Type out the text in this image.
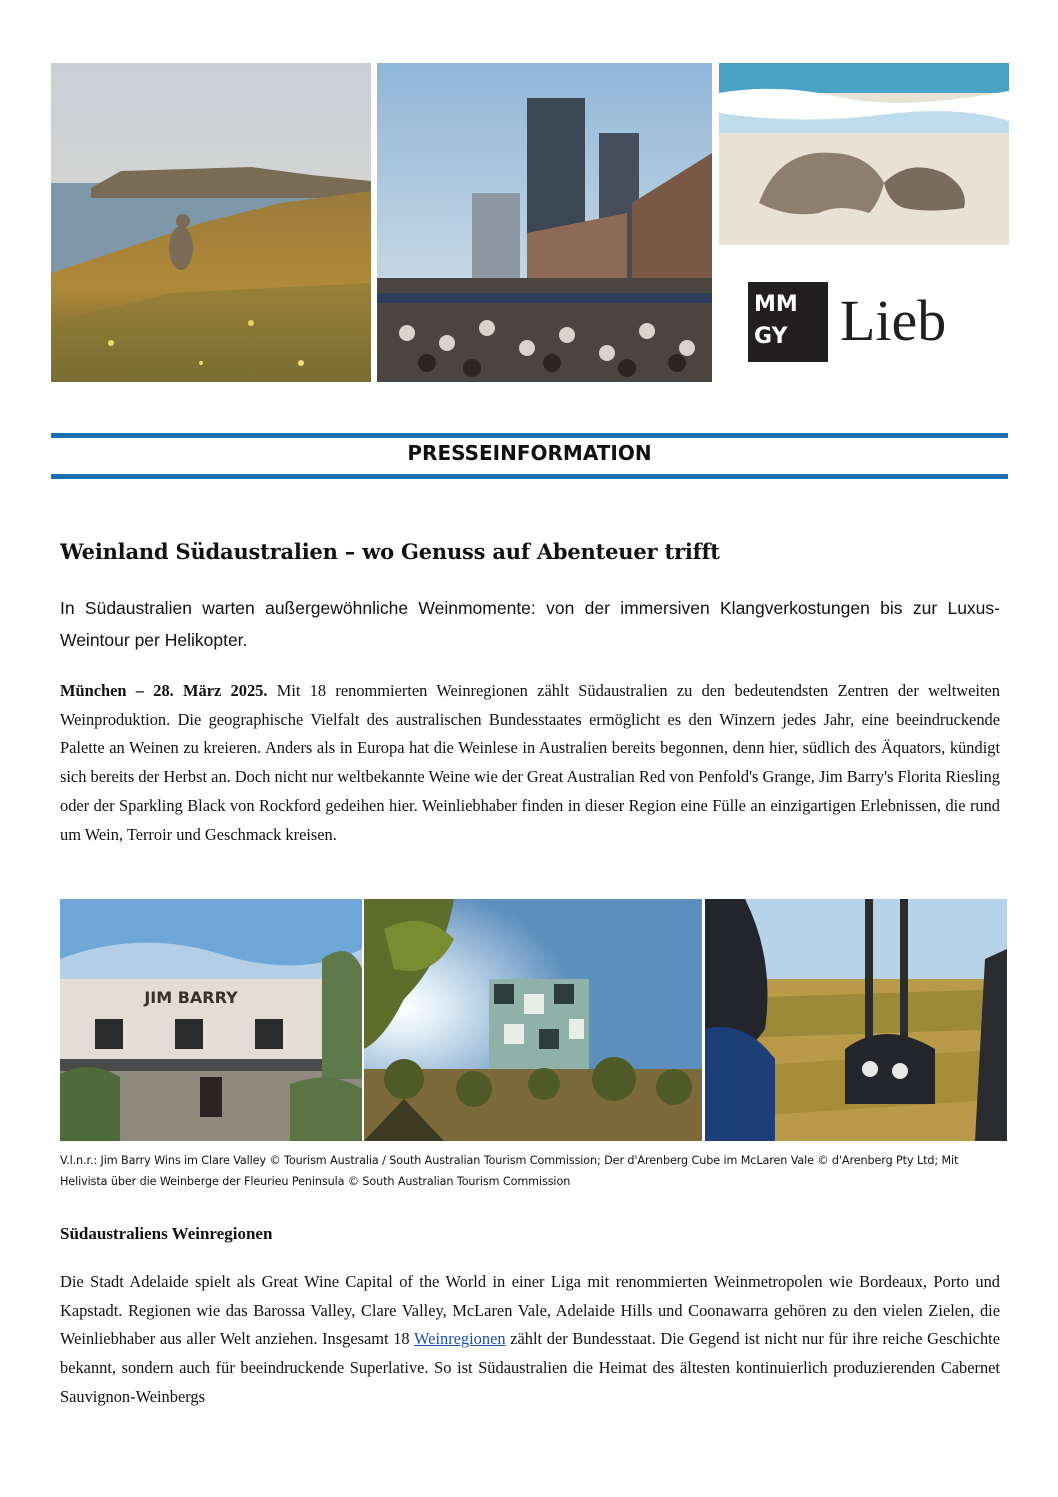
MM
GY Lieb
PRESSEINFORMATION
Weinland Südaustralien – wo Genuss auf Abenteuer trifft
In Südaustralien warten außergewöhnliche Weinmomente: von der immersiven Klangverkostungen bis zur Luxus-Weintour per Helikopter.
München – 28. März 2025. Mit 18 renommierten Weinregionen zählt Südaustralien zu den bedeutendsten Zentren der weltweiten Weinproduktion. Die geographische Vielfalt des australischen Bundesstaates ermöglicht es den Winzern jedes Jahr, eine beeindruckende Palette an Weinen zu kreieren. Anders als in Europa hat die Weinlese in Australien bereits begonnen, denn hier, südlich des Äquators, kündigt sich bereits der Herbst an. Doch nicht nur weltbekannte Weine wie der Great Australian Red von Penfold's Grange, Jim Barry's Florita Riesling oder der Sparkling Black von Rockford gedeihen hier. Weinliebhaber finden in dieser Region eine Fülle an einzigartigen Erlebnissen, die rund um Wein, Terroir und Geschmack kreisen.
JIM BARRY
V.l.n.r.: Jim Barry Wins im Clare Valley © Tourism Australia / South Australian Tourism Commission; Der d'Arenberg Cube im McLaren Vale © d'Arenberg Pty Ltd; Mit Helivista über die Weinberge der Fleurieu Peninsula © South Australian Tourism Commission
Südaustraliens Weinregionen
Die Stadt Adelaide spielt als Great Wine Capital of the World in einer Liga mit renommierten Weinmetropolen wie Bordeaux, Porto und Kapstadt. Regionen wie das Barossa Valley, Clare Valley, McLaren Vale, Adelaide Hills und Coonawarra gehören zu den vielen Zielen, die Weinliebhaber aus aller Welt anziehen. Insgesamt 18 Weinregionen zählt der Bundesstaat. Die Gegend ist nicht nur für ihre reiche Geschichte bekannt, sondern auch für beeindruckende Superlative. So ist Südaustralien die Heimat des ältesten kontinuierlich produzierenden Cabernet Sauvignon-Weinbergs
